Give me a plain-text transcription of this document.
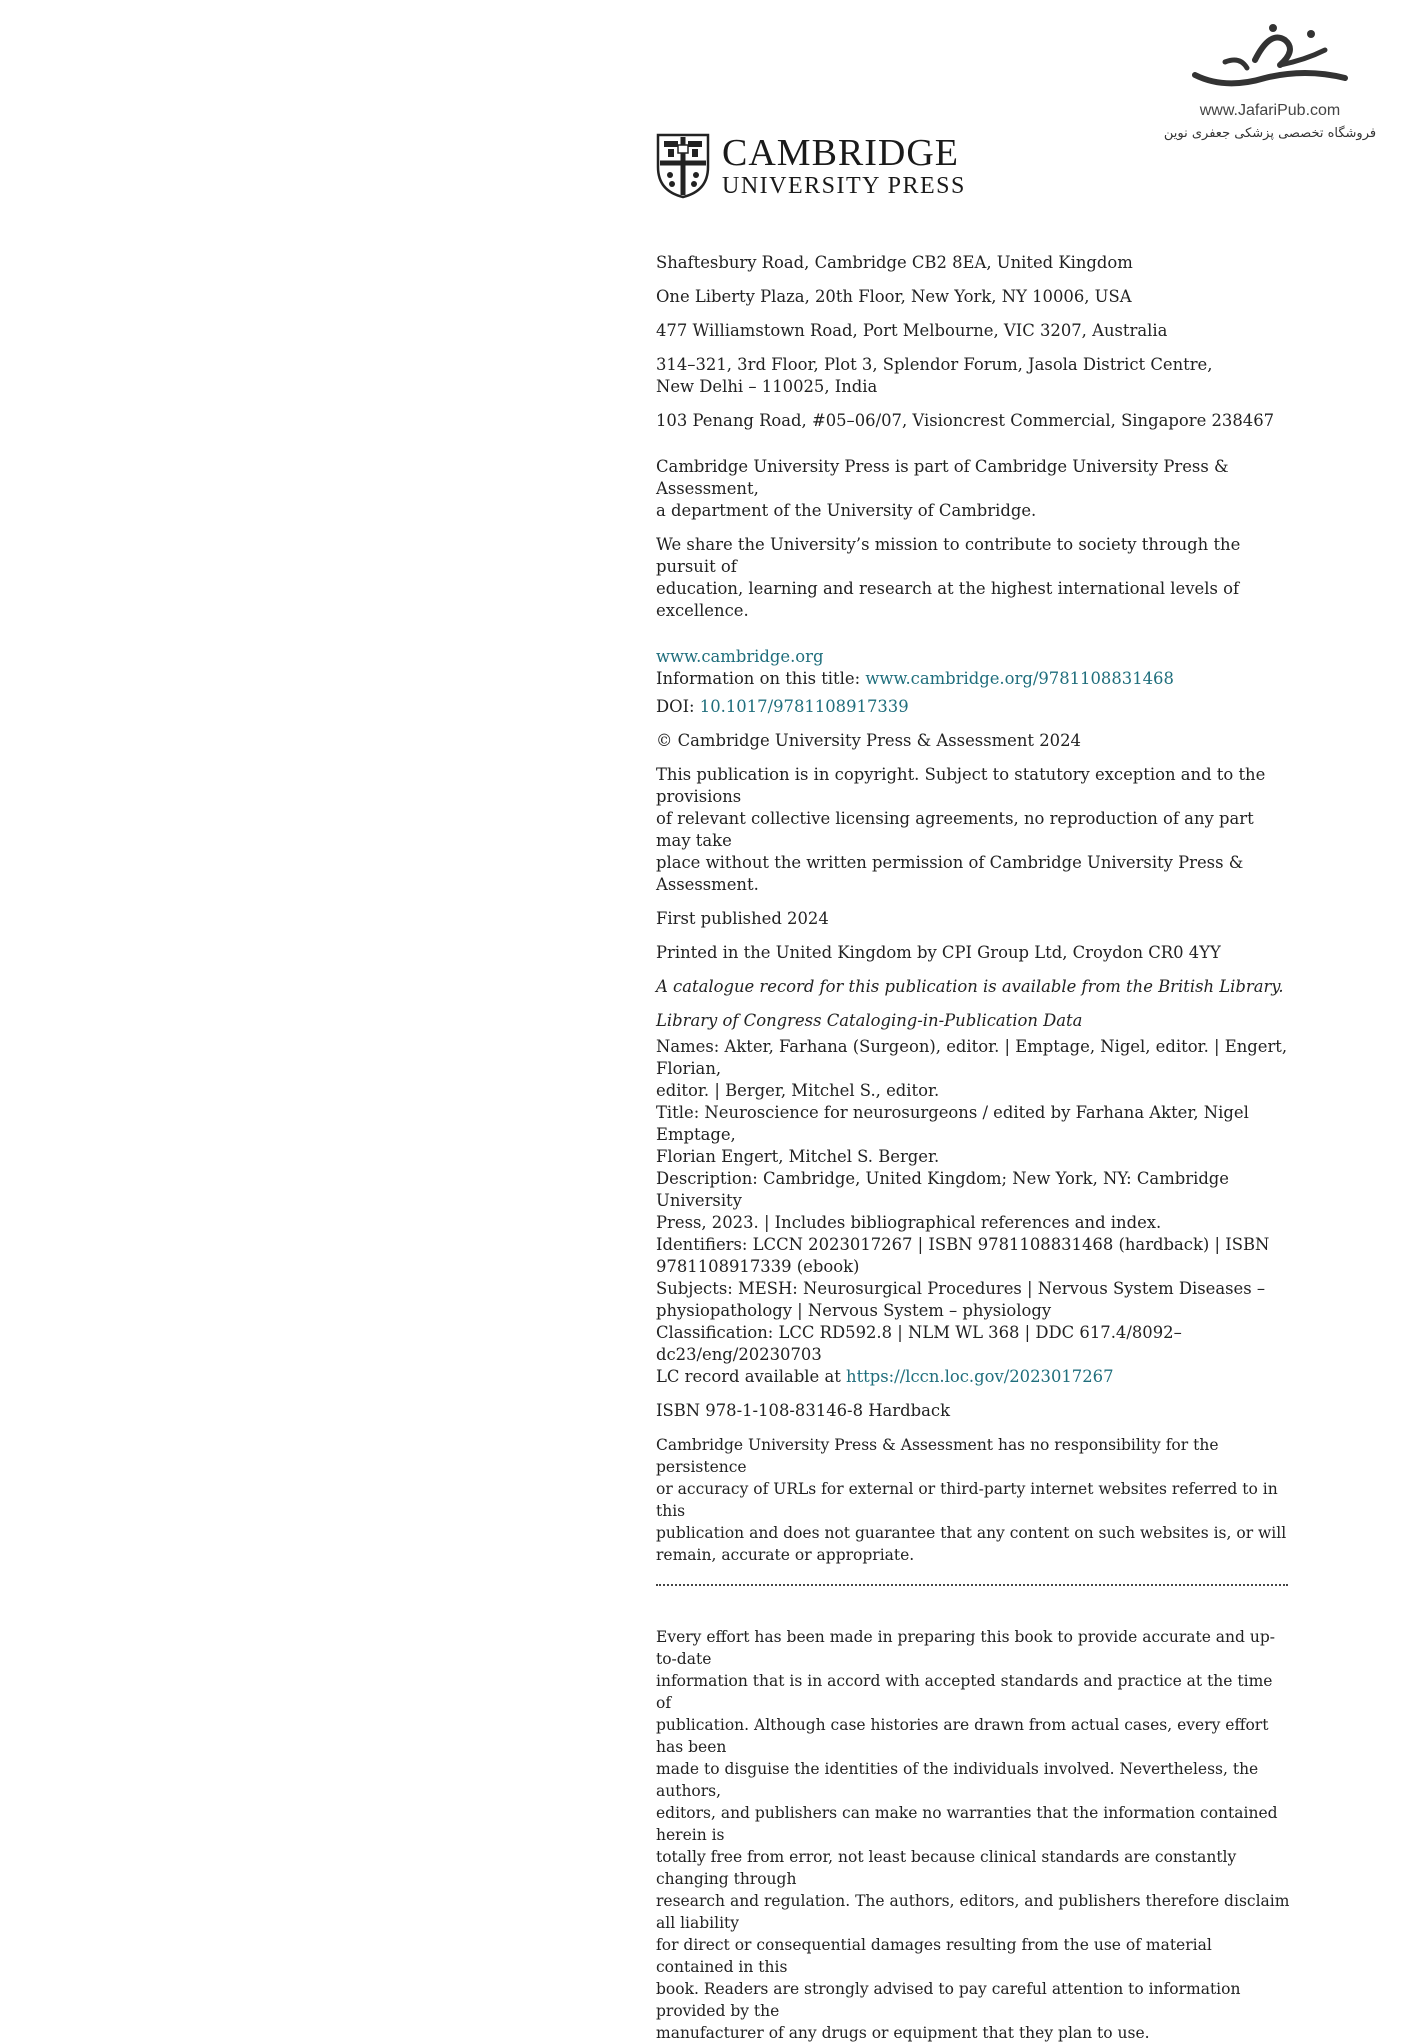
www.JafariPub.com
فروشگاه تخصصی پزشکی جعفری نوین
CAMBRIDGE
UNIVERSITY PRESS

Shaftesbury Road, Cambridge CB2 8EA, United Kingdom

One Liberty Plaza, 20th Floor, New York, NY 10006, USA

477 Williamstown Road, Port Melbourne, VIC 3207, Australia

314–321, 3rd Floor, Plot 3, Splendor Forum, Jasola District Centre,

New Delhi – 110025, India

103 Penang Road, #05–06/07, Visioncrest Commercial, Singapore 238467

Cambridge University Press is part of Cambridge University Press & Assessment,

a department of the University of Cambridge.

We share the University’s mission to contribute to society through the pursuit of

education, learning and research at the highest international levels of excellence.

www.cambridge.org

Information on this title: www.cambridge.org/9781108831468

DOI: 10.1017/9781108917339

© Cambridge University Press & Assessment 2024

This publication is in copyright. Subject to statutory exception and to the provisions

of relevant collective licensing agreements, no reproduction of any part may take

place without the written permission of Cambridge University Press & Assessment.

First published 2024

Printed in the United Kingdom by CPI Group Ltd, Croydon CR0 4YY

A catalogue record for this publication is available from the British Library.

Library of Congress Cataloging-in-Publication Data

Names: Akter, Farhana (Surgeon), editor. | Emptage, Nigel, editor. | Engert, Florian,

editor. | Berger, Mitchel S., editor.

Title: Neuroscience for neurosurgeons / edited by Farhana Akter, Nigel Emptage,

Florian Engert, Mitchel S. Berger.

Description: Cambridge, United Kingdom; New York, NY: Cambridge University

Press, 2023. | Includes bibliographical references and index.

Identifiers: LCCN 2023017267 | ISBN 9781108831468 (hardback) | ISBN

9781108917339 (ebook)

Subjects: MESH: Neurosurgical Procedures | Nervous System Diseases –

physiopathology | Nervous System – physiology

Classification: LCC RD592.8 | NLM WL 368 | DDC 617.4/8092–dc23/eng/20230703

LC record available at https://lccn.loc.gov/2023017267

ISBN 978-1-108-83146-8 Hardback

Cambridge University Press & Assessment has no responsibility for the persistence

or accuracy of URLs for external or third-party internet websites referred to in this

publication and does not guarantee that any content on such websites is, or will

remain, accurate or appropriate.

Every effort has been made in preparing this book to provide accurate and up-to-date

information that is in accord with accepted standards and practice at the time of

publication. Although case histories are drawn from actual cases, every effort has been

made to disguise the identities of the individuals involved. Nevertheless, the authors,

editors, and publishers can make no warranties that the information contained herein is

totally free from error, not least because clinical standards are constantly changing through

research and regulation. The authors, editors, and publishers therefore disclaim all liability

for direct or consequential damages resulting from the use of material contained in this

book. Readers are strongly advised to pay careful attention to information provided by the

manufacturer of any drugs or equipment that they plan to use.
